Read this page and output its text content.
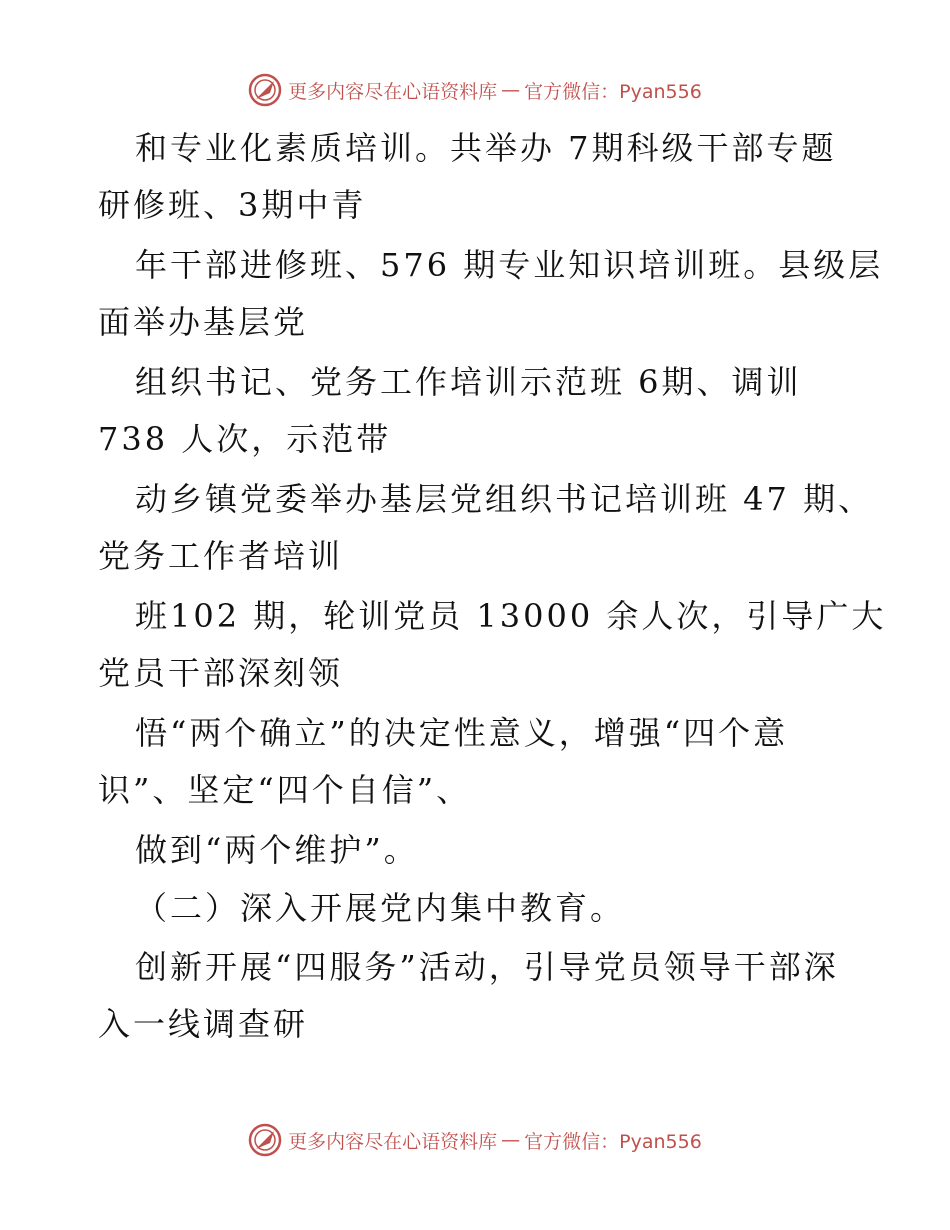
更多内容尽在心语资料库 — 官方微信：Pyan556
和专业化素质培训。共举办 7期科级干部专题
研修班、3期中青
年干部进修班、576 期专业知识培训班。县级层
面举办基层党
组织书记、党务工作培训示范班 6期、调训
738 人次，示范带
动乡镇党委举办基层党组织书记培训班 47 期、
党务工作者培训
班102 期，轮训党员 13000 余人次，引导广大
党员干部深刻领
悟“两个确立”的决定性意义，增强“四个意
识”、坚定“四个自信”、
做到“两个维护”。
（二）深入开展党内集中教育。
创新开展“四服务”活动，引导党员领导干部深
入一线调查研
更多内容尽在心语资料库 — 官方微信：Pyan556
